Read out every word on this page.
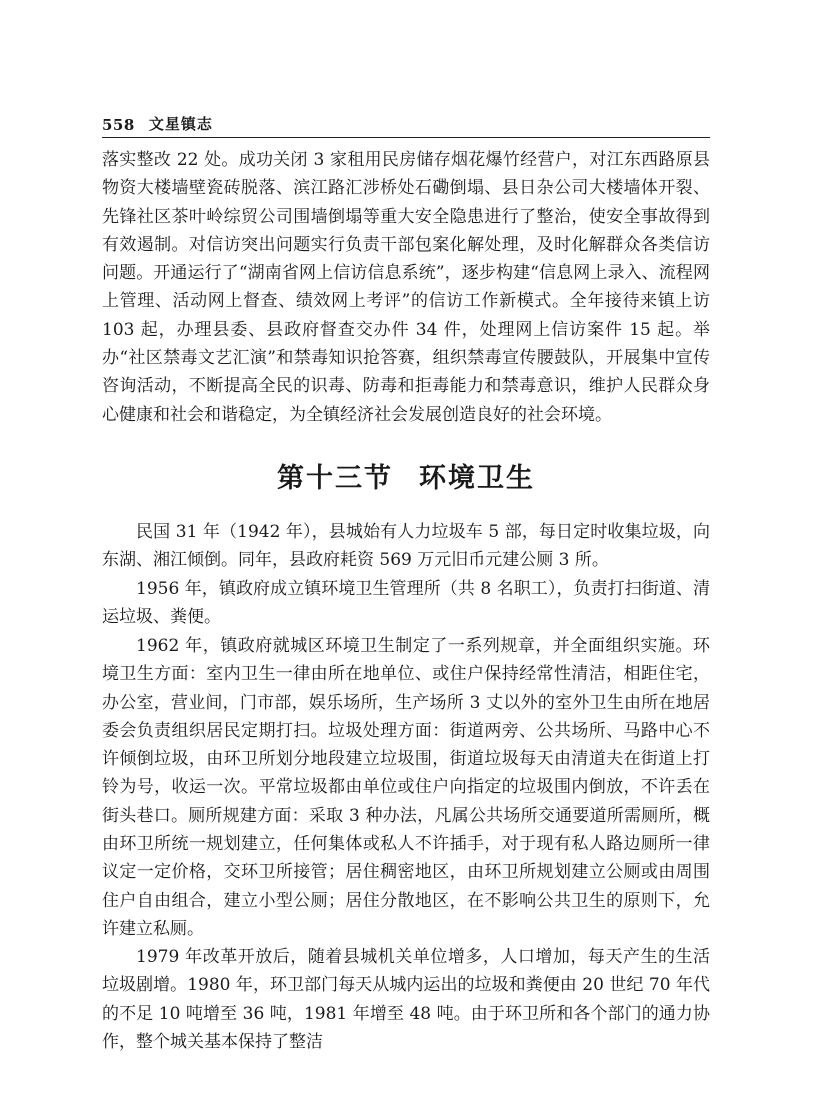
558 文星镇志

落实整改 22 处。成功关闭 3 家租用民房储存烟花爆竹经营户，对江东西路原县物资大楼墙壁瓷砖脱落、滨江路汇涉桥处石磡倒塌、县日杂公司大楼墙体开裂、先锋社区茶叶岭综贸公司围墙倒塌等重大安全隐患进行了整治，使安全事故得到有效遏制。对信访突出问题实行负责干部包案化解处理，及时化解群众各类信访问题。开通运行了“湖南省网上信访信息系统”，逐步构建“信息网上录入、流程网上管理、活动网上督查、绩效网上考评”的信访工作新模式。全年接待来镇上访 103 起，办理县委、县政府督查交办件 34 件，处理网上信访案件 15 起。举办“社区禁毒文艺汇演”和禁毒知识抢答赛，组织禁毒宣传腰鼓队，开展集中宣传咨询活动，不断提高全民的识毒、防毒和拒毒能力和禁毒意识，维护人民群众身心健康和社会和谐稳定，为全镇经济社会发展创造良好的社会环境。

第十三节 环境卫生

民国 31 年（1942 年），县城始有人力垃圾车 5 部，每日定时收集垃圾，向东湖、湘江倾倒。同年，县政府耗资 569 万元旧币元建公厕 3 所。

1956 年，镇政府成立镇环境卫生管理所（共 8 名职工），负责打扫街道、清运垃圾、粪便。

1962 年，镇政府就城区环境卫生制定了一系列规章，并全面组织实施。环境卫生方面：室内卫生一律由所在地单位、或住户保持经常性清洁，相距住宅，办公室，营业间，门市部，娱乐场所，生产场所 3 丈以外的室外卫生由所在地居委会负责组织居民定期打扫。垃圾处理方面：街道两旁、公共场所、马路中心不许倾倒垃圾，由环卫所划分地段建立垃圾围，街道垃圾每天由清道夫在街道上打铃为号，收运一次。平常垃圾都由单位或住户向指定的垃圾围内倒放，不许丢在街头巷口。厕所规建方面：采取 3 种办法，凡属公共场所交通要道所需厕所，概由环卫所统一规划建立，任何集体或私人不许插手，对于现有私人路边厕所一律议定一定价格，交环卫所接管；居住稠密地区，由环卫所规划建立公厕或由周围住户自由组合，建立小型公厕；居住分散地区，在不影响公共卫生的原则下，允许建立私厕。

1979 年改革开放后，随着县城机关单位增多，人口增加，每天产生的生活垃圾剧增。1980 年，环卫部门每天从城内运出的垃圾和粪便由 20 世纪 70 年代的不足 10 吨增至 36 吨，1981 年增至 48 吨。由于环卫所和各个部门的通力协作，整个城关基本保持了整洁
